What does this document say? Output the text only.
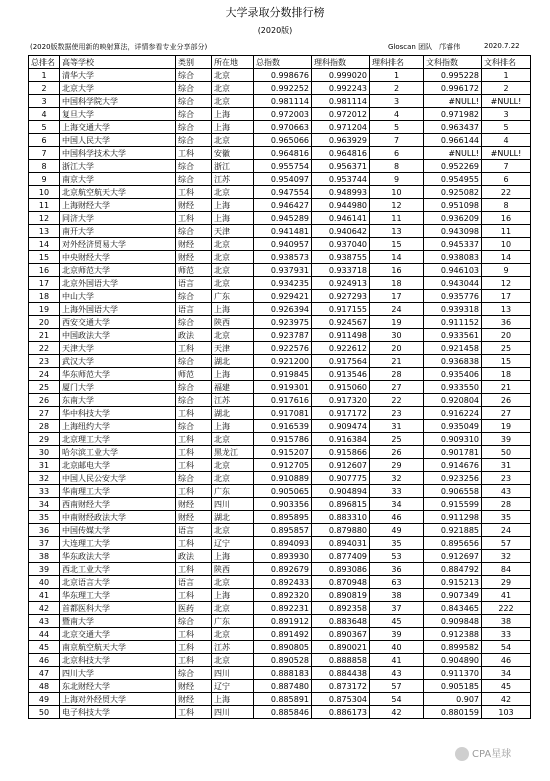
大学录取分数排行榜
(2020版)
(2020版数据使用新的映射算法，详情参看专业分享部分)	Gloscan 团队　邝睿伟	2020.7.22
总排名	高等学校	类别	所在地	总指数	理科指数	理科排名	文科指数	文科排名
1	清华大学	综合	北京	0.998676	0.999020	1	0.995228	1
2	北京大学	综合	北京	0.992252	0.992243	2	0.996172	2
3	中国科学院大学	综合	北京	0.981114	0.981114	3	#NULL!	#NULL!
4	复旦大学	综合	上海	0.972003	0.972012	4	0.971982	3
5	上海交通大学	综合	上海	0.970663	0.971204	5	0.963437	5
6	中国人民大学	综合	北京	0.965066	0.963929	7	0.966144	4
7	中国科学技术大学	工科	安徽	0.964816	0.964816	6	#NULL!	#NULL!
8	浙江大学	综合	浙江	0.955754	0.956371	8	0.952269	7
9	南京大学	综合	江苏	0.954097	0.953744	9	0.954955	6
10	北京航空航天大学	工科	北京	0.947554	0.948993	10	0.925082	22
11	上海财经大学	财经	上海	0.946427	0.944980	12	0.951098	8
12	同济大学	工科	上海	0.945289	0.946141	11	0.936209	16
13	南开大学	综合	天津	0.941481	0.940642	13	0.943098	11
14	对外经济贸易大学	财经	北京	0.940957	0.937040	15	0.945337	10
15	中央财经大学	财经	北京	0.938573	0.938755	14	0.938083	14
16	北京师范大学	师范	北京	0.937931	0.933718	16	0.946103	9
17	北京外国语大学	语言	北京	0.934235	0.924913	18	0.943044	12
18	中山大学	综合	广东	0.929421	0.927293	17	0.935776	17
19	上海外国语大学	语言	上海	0.926394	0.917155	24	0.939318	13
20	西安交通大学	综合	陕西	0.923975	0.924567	19	0.911152	36
21	中国政法大学	政法	北京	0.923787	0.911498	30	0.933561	20
22	天津大学	工科	天津	0.922576	0.922612	20	0.921458	25
23	武汉大学	综合	湖北	0.921200	0.917564	21	0.936838	15
24	华东师范大学	师范	上海	0.919845	0.913546	28	0.935406	18
25	厦门大学	综合	福建	0.919301	0.915060	27	0.933550	21
26	东南大学	综合	江苏	0.917616	0.917320	22	0.920804	26
27	华中科技大学	工科	湖北	0.917081	0.917172	23	0.916224	27
28	上海纽约大学	综合	上海	0.916539	0.909474	31	0.935049	19
29	北京理工大学	工科	北京	0.915786	0.916384	25	0.909310	39
30	哈尔滨工业大学	工科	黑龙江	0.915207	0.915866	26	0.901781	50
31	北京邮电大学	工科	北京	0.912705	0.912607	29	0.914676	31
32	中国人民公安大学	综合	北京	0.910889	0.907775	32	0.923256	23
33	华南理工大学	工科	广东	0.905065	0.904894	33	0.906558	43
34	西南财经大学	财经	四川	0.903356	0.896815	34	0.915599	28
35	中南财经政法大学	财经	湖北	0.895895	0.883310	46	0.911298	35
36	中国传媒大学	语言	北京	0.895857	0.879880	49	0.921885	24
37	大连理工大学	工科	辽宁	0.894093	0.894031	35	0.895656	57
38	华东政法大学	政法	上海	0.893930	0.877409	53	0.912697	32
39	西北工业大学	工科	陕西	0.892679	0.893086	36	0.884792	84
40	北京语言大学	语言	北京	0.892433	0.870948	63	0.915213	29
41	华东理工大学	工科	上海	0.892320	0.890819	38	0.907349	41
42	首都医科大学	医药	北京	0.892231	0.892358	37	0.843465	222
43	暨南大学	综合	广东	0.891912	0.883648	45	0.909848	38
44	北京交通大学	工科	北京	0.891492	0.890367	39	0.912388	33
45	南京航空航天大学	工科	江苏	0.890805	0.890021	40	0.899582	54
46	北京科技大学	工科	北京	0.890528	0.888858	41	0.904890	46
47	四川大学	综合	四川	0.888183	0.884438	43	0.911370	34
48	东北财经大学	财经	辽宁	0.887480	0.873172	57	0.905185	45
49	上海对外经贸大学	财经	上海	0.885891	0.875304	54	0.907	42
50	电子科技大学	工科	四川	0.885846	0.886173	42	0.880159	103
CPA星球
